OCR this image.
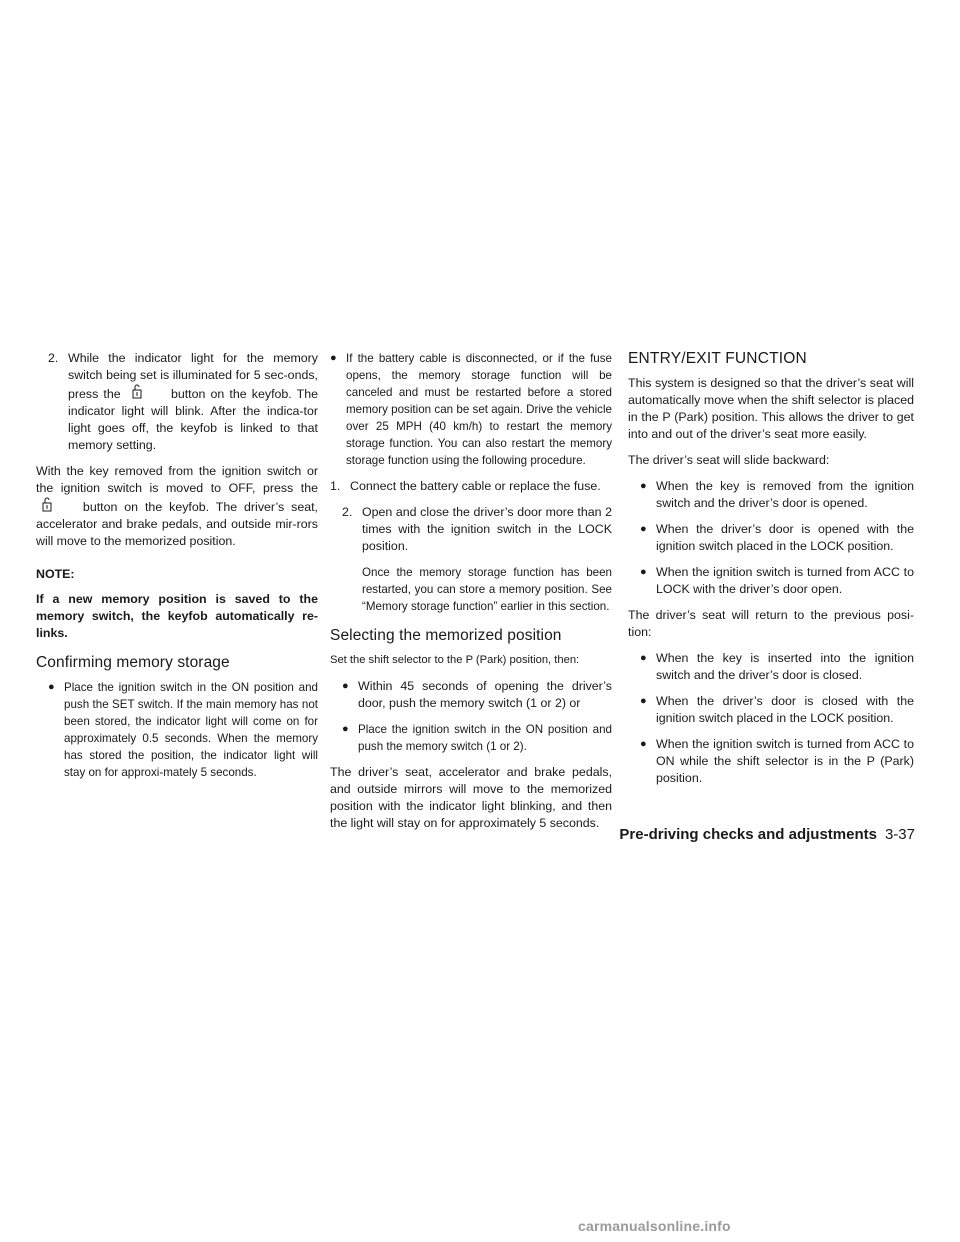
2. While the indicator light for the memory switch being set is illuminated for 5 sec-onds, press the	button on the keyfob. The indicator light will blink. After the indica-tor light goes off, the keyfob is linked to that memory setting.

With the key removed from the ignition switch or the ignition switch is moved to OFF, press the  button on the keyfob. The driver’s seat, accelerator and brake pedals, and outside mir-rors will move to the memorized position.

NOTE:

If a new memory position is saved to the memory switch, the keyfob automatically re-links.

Confirming memory storage
● Place the ignition switch in the ON position and push the SET switch. If the main memory has not been stored, the indicator light will come on for approximately 0.5 seconds. When the memory has stored the position, the indicator light will stay on for approxi-mately 5 seconds.
● If the battery cable is disconnected, or if the fuse opens, the memory storage function will be canceled and must be restarted before a stored memory position can be set again. Drive the vehicle over 25 MPH (40 km/h) to restart the memory storage function. You can also restart the memory storage function using the following procedure.
1. Connect the battery cable or replace the fuse.
2. Open and close the driver’s door more than 2 times with the ignition switch in the LOCK position.

Once the memory storage function has been restarted, you can store a memory position. See “Memory storage function” earlier in this section.

Selecting the memorized position

Set the shift selector to the P (Park) position, then:

● Within 45 seconds of opening the driver’s door, push the memory switch (1 or 2) or
● Place the ignition switch in the ON position and push the memory switch (1 or 2).

The driver’s seat, accelerator and brake pedals, and outside mirrors will move to the memorized position with the indicator light blinking, and then the light will stay on for approximately 5 seconds.

ENTRY/EXIT FUNCTION

This system is designed so that the driver’s seat will automatically move when the shift selector is placed in the P (Park) position. This allows the driver to get into and out of the driver’s seat more easily.

The driver’s seat will slide backward:

● When the key is removed from the ignition switch and the driver’s door is opened.
● When the driver’s door is opened with the ignition switch placed in the LOCK position.
● When the ignition switch is turned from ACC to LOCK with the driver’s door open.

The driver’s seat will return to the previous posi-tion:

● When the key is inserted into the ignition switch and the driver’s door is closed.
● When the driver’s door is closed with the ignition switch placed in the LOCK position.
● When the ignition switch is turned from ACC to ON while the shift selector is in the P (Park) position.
Pre-driving checks and adjustments 3-37
carmanualsonline.info
